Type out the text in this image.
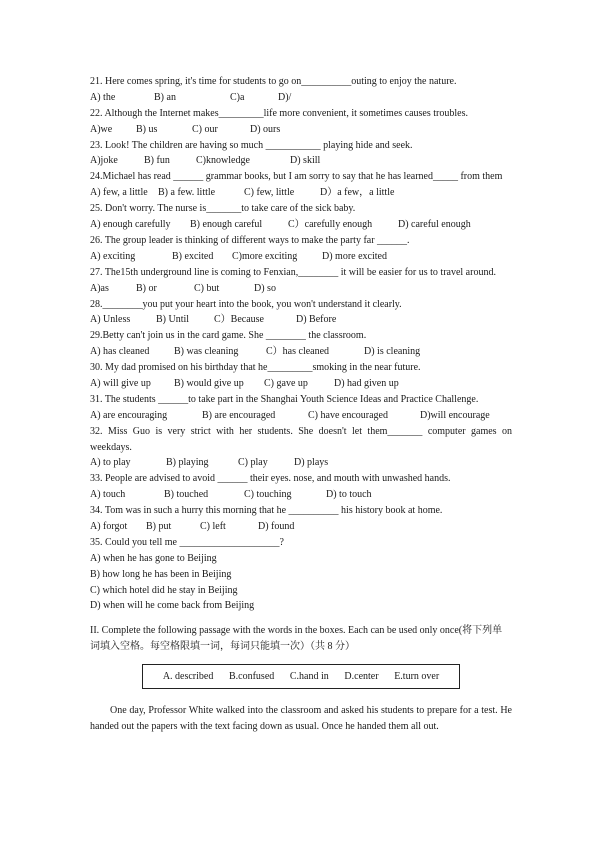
21. Here comes spring, it's time for students to go on__________outing to enjoy the nature.
A) the	B) an	C)a	D)/
22. Although the Internet makes_________life more convenient, it sometimes causes troubles.
A)we	B) us	C) our	D) ours
23. Look! The children are having so much ___________ playing hide and seek.
A)joke	B) fun	C)knowledge	D) skill
24.Michael has read ______ grammar books, but I am sorry to say that he has learned_____ from them
A) few, a little	B) a few. little	C) few, little	D）a few，a little
25. Don't worry. The nurse is_______to take care of the sick baby.
A) enough carefully	B) enough careful	C）carefully enough	D) careful enough
26. The group leader is thinking of different ways to make the party far ______.
A) exciting	B) excited	C)more exciting	D) more excited
27. The15th underground line is coming to Fenxian,________ it will be easier for us to travel around.
A)as	B) or	C) but	D) so
28.________you put your heart into the book, you won't understand it clearly.
A) Unless	B) Until	C）Because	D) Before
29.Betty can't join us in the card game. She ________ the classroom.
A) has cleaned	B) was cleaning	C）has cleaned	D) is cleaning
30. My dad promised on his birthday that he_________smoking in the near future.
A) will give up	B) would give up	C) gave up	D) had given up
31. The students ______to take part in the Shanghai Youth Science Ideas and Practice Challenge.
A) are encouraging	B) are encouraged	C) have encouraged	D)will encourage
32. Miss Guo is very strict with her students. She doesn't let them_______ computer games on weekdays.
A) to play	B) playing	C) play	D) plays
33. People are advised to avoid ______ their eyes. nose, and mouth with unwashed hands.
A) touch	B) touched	C) touching	D) to touch
34. Tom was in such a hurry this morning that he __________ his history book at home.
A) forgot	B) put	C) left	D) found
35. Could you tell me ____________________?
A) when he has gone to Beijing
B) how long he has been in Beijing
C) which hotel did he stay in Beijing
D) when will he come back from Beijing
II. Complete the following passage with the words in the boxes. Each can be used only once(将下列单词填入空格。每空格限填一词，每词只能填一次）（共 8 分）
A. described B.confused C.hand in D.center E.turn over
One day, Professor White walked into the classroom and asked his students to prepare for a test. He handed out the papers with the text facing down as usual. Once he handed them all out.
